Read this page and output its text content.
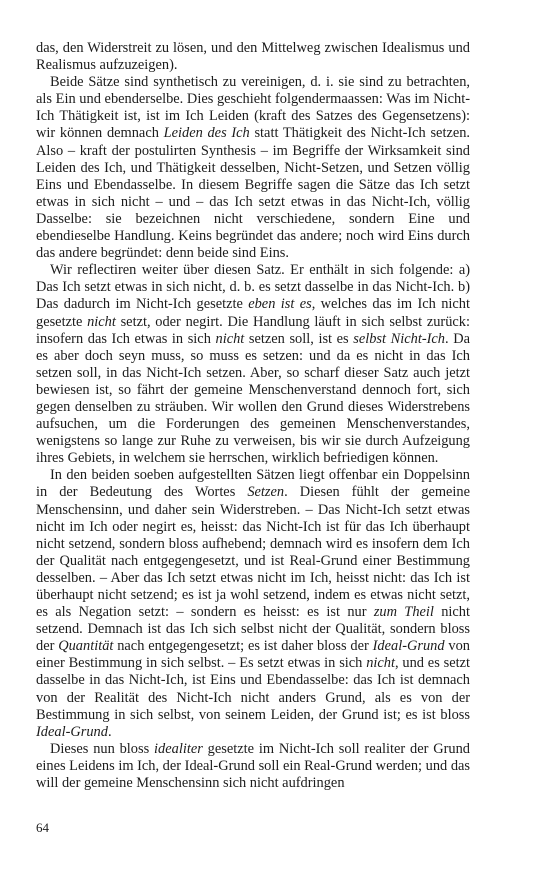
das, den Widerstreit zu lösen, und den Mittelweg zwischen Idealismus und Realismus aufzuzeigen).

Beide Sätze sind synthetisch zu vereinigen, d. i. sie sind zu betrachten, als Ein und ebenderselbe. Dies geschieht folgendermaassen: Was im Nicht-Ich Thätigkeit ist, ist im Ich Leiden (kraft des Satzes des Gegensetzens): wir können demnach Leiden des Ich statt Thätigkeit des Nicht-Ich setzen. Also – kraft der postulirten Synthesis – im Begriffe der Wirksamkeit sind Leiden des Ich, und Thätigkeit desselben, Nicht-Setzen, und Setzen völlig Eins und Ebendasselbe. In diesem Begriffe sagen die Sätze das Ich setzt etwas in sich nicht – und – das Ich setzt etwas in das Nicht-Ich, völlig Dasselbe: sie bezeichnen nicht verschiedene, sondern Eine und ebendieselbe Handlung. Keins begründet das andere; noch wird Eins durch das andere begründet: denn beide sind Eins.

Wir reflectiren weiter über diesen Satz. Er enthält in sich folgende: a) Das Ich setzt etwas in sich nicht, d. b. es setzt dasselbe in das Nicht-Ich. b) Das dadurch im Nicht-Ich gesetzte eben ist es, welches das im Ich nicht gesetzte nicht setzt, oder negirt. Die Handlung läuft in sich selbst zurück: insofern das Ich etwas in sich nicht setzen soll, ist es selbst Nicht-Ich. Da es aber doch seyn muss, so muss es setzen: und da es nicht in das Ich setzen soll, in das Nicht-Ich setzen. Aber, so scharf dieser Satz auch jetzt bewiesen ist, so fährt der gemeine Menschenverstand dennoch fort, sich gegen denselben zu sträuben. Wir wollen den Grund dieses Widerstrebens aufsuchen, um die Forderungen des gemeinen Menschenverstandes, wenigstens so lange zur Ruhe zu verweisen, bis wir sie durch Aufzeigung ihres Gebiets, in welchem sie herrschen, wirklich befriedigen können.

In den beiden soeben aufgestellten Sätzen liegt offenbar ein Doppelsinn in der Bedeutung des Wortes Setzen. Diesen fühlt der gemeine Menschensinn, und daher sein Widerstreben. – Das Nicht-Ich setzt etwas nicht im Ich oder negirt es, heisst: das Nicht-Ich ist für das Ich überhaupt nicht setzend, sondern bloss aufhebend; demnach wird es insofern dem Ich der Qualität nach entgegengesetzt, und ist Real-Grund einer Bestimmung desselben. – Aber das Ich setzt etwas nicht im Ich, heisst nicht: das Ich ist überhaupt nicht setzend; es ist ja wohl setzend, indem es etwas nicht setzt, es als Negation setzt: – sondern es heisst: es ist nur zum Theil nicht setzend. Demnach ist das Ich sich selbst nicht der Qualität, sondern bloss der Quantität nach entgegengesetzt; es ist daher bloss der Ideal-Grund von einer Bestimmung in sich selbst. – Es setzt etwas in sich nicht, und es setzt dasselbe in das Nicht-Ich, ist Eins und Ebendasselbe: das Ich ist demnach von der Realität des Nicht-Ich nicht anders Grund, als es von der Bestimmung in sich selbst, von seinem Leiden, der Grund ist; es ist bloss Ideal-Grund.

Dieses nun bloss idealiter gesetzte im Nicht-Ich soll realiter der Grund eines Leidens im Ich, der Ideal-Grund soll ein Real-Grund werden; und das will der gemeine Menschensinn sich nicht aufdringen

64
